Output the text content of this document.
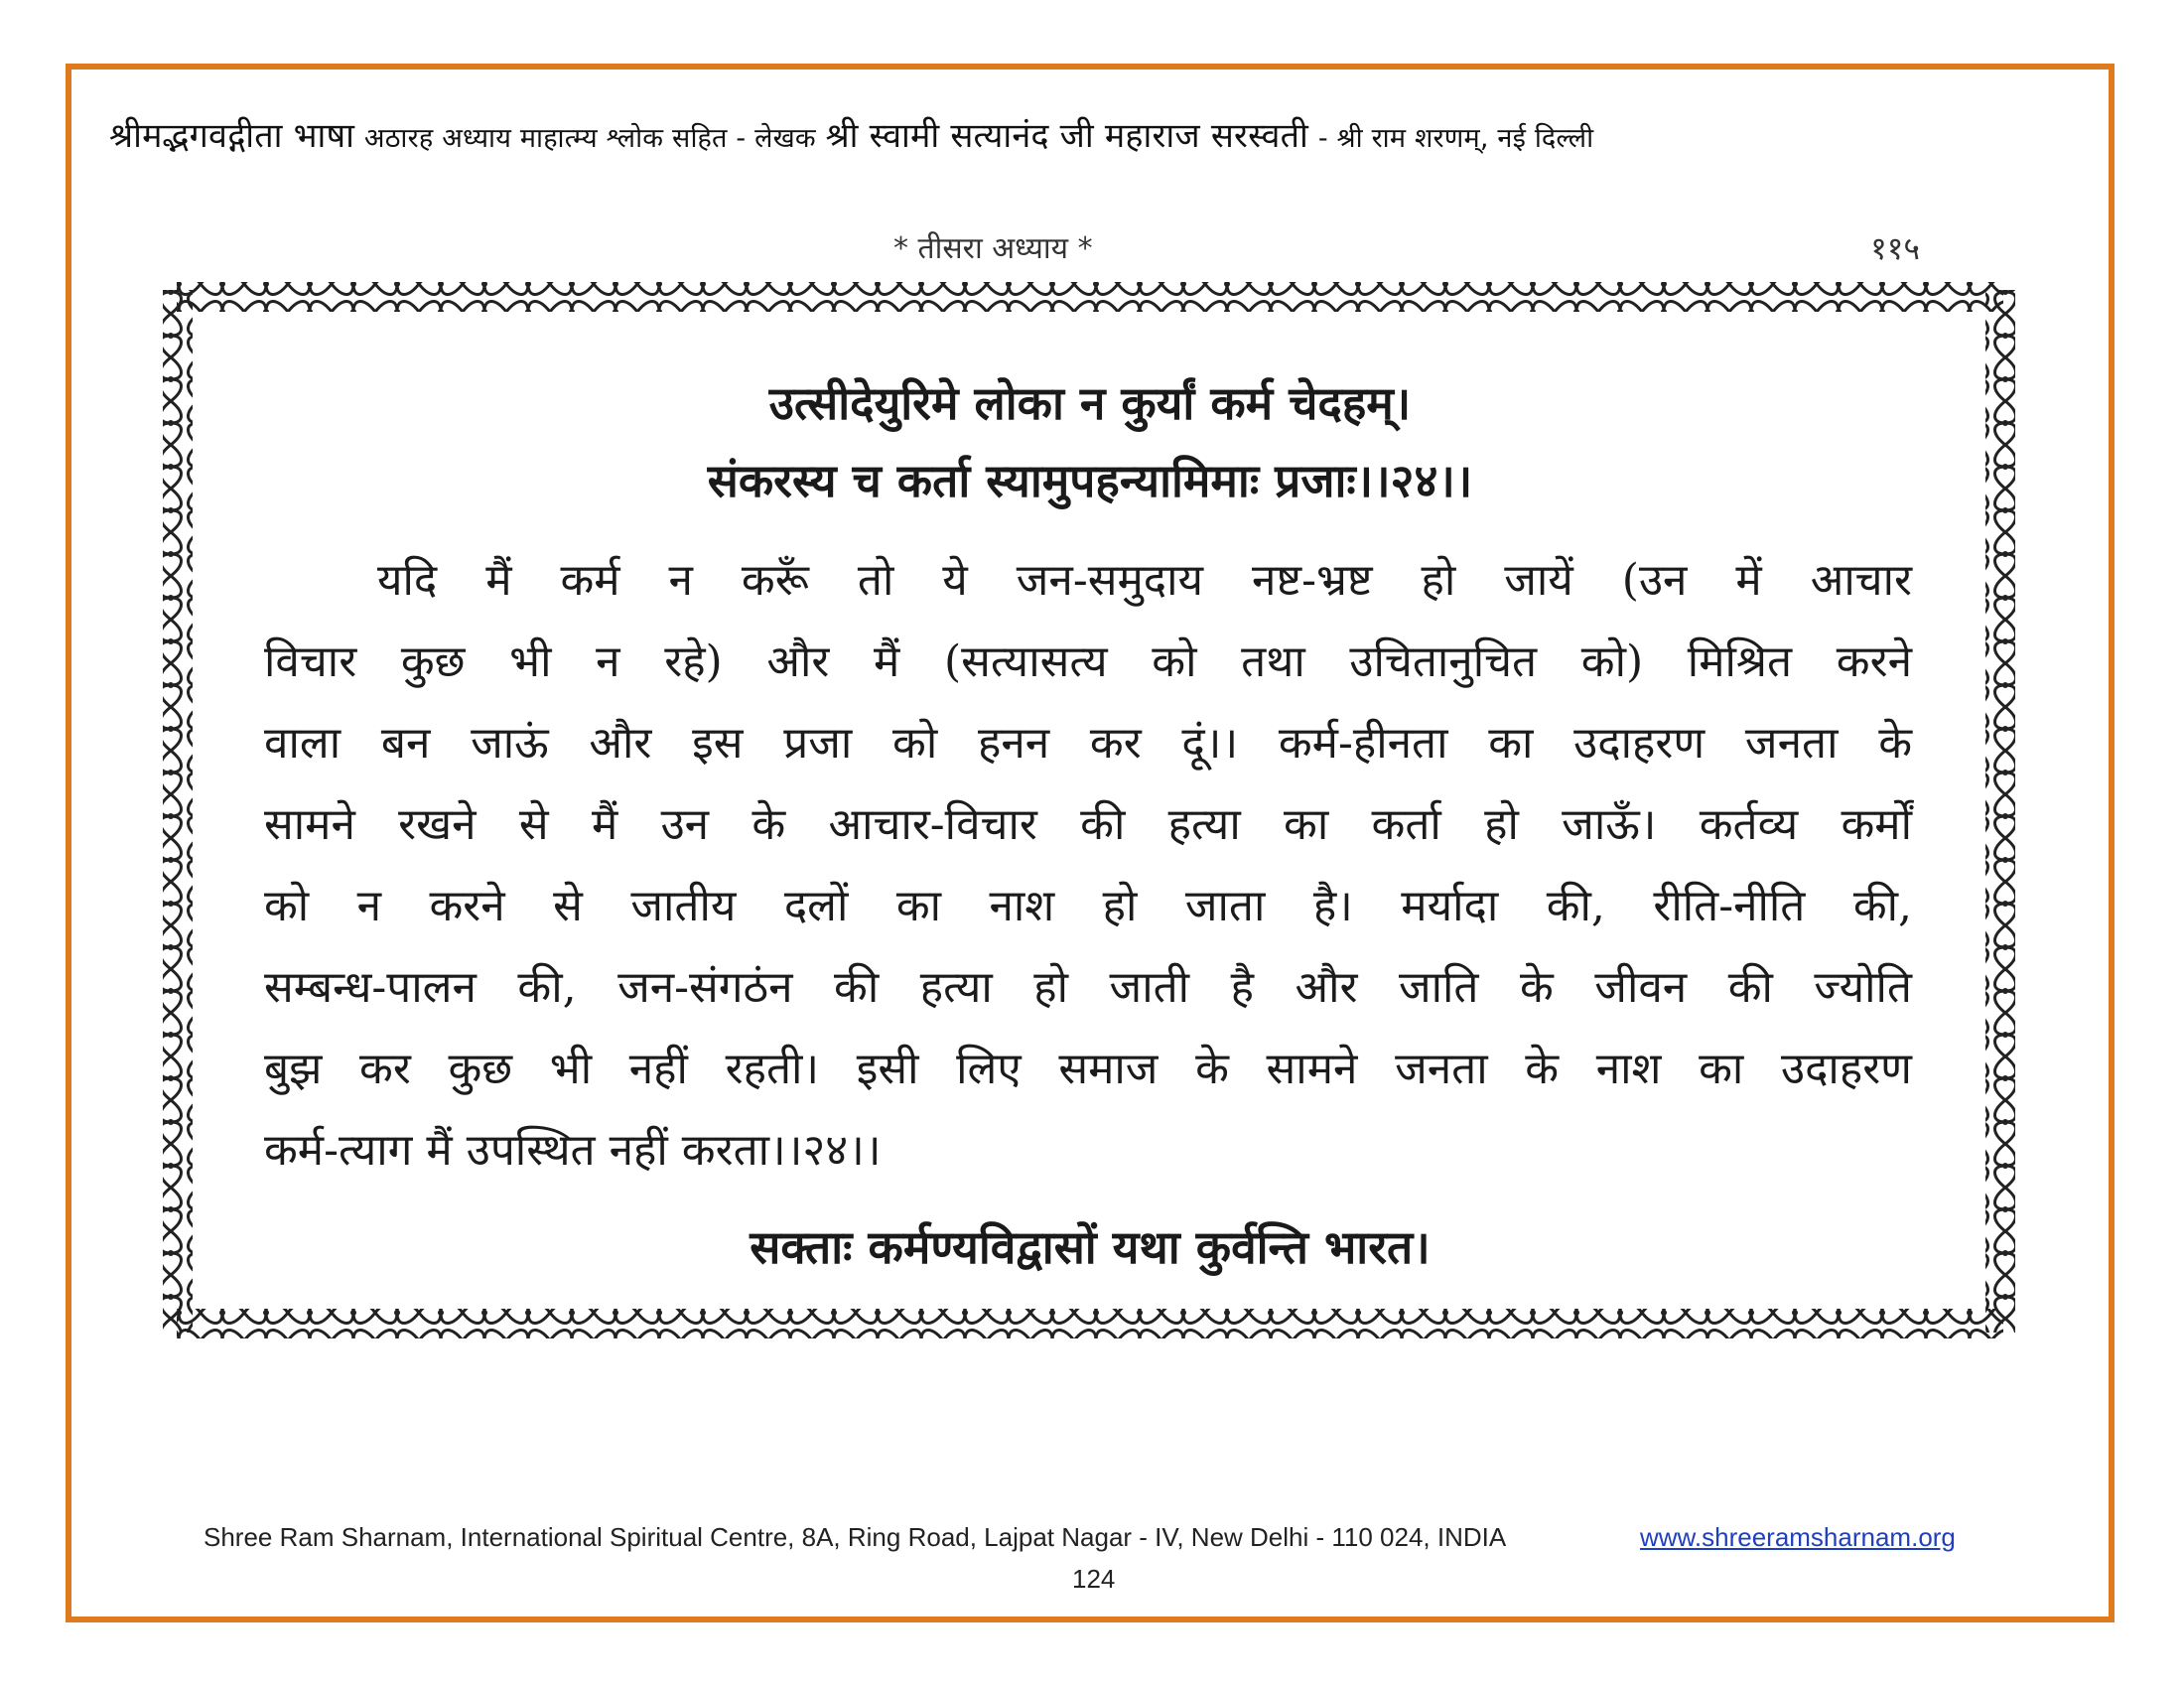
श्रीमद्भगवद्गीता भाषा अठारह अध्याय माहात्म्य श्लोक सहित - लेखक श्री स्वामी सत्यानंद जी महाराज सरस्वती - श्री राम शरणम्, नई दिल्ली
* तीसरा अध्याय *	११५
उत्सीदेयुरिमे लोका न कुर्यां कर्म चेदहम्।
संकरस्य च कर्ता स्यामुपहन्यामिमाः प्रजाः।।२४।।
यदि मैं कर्म न करूँ तो ये जन-समुदाय नष्ट-भ्रष्ट हो जायें (उन में आचार
विचार कुछ भी न रहे) और मैं (सत्यासत्य को तथा उचितानुचित को) मिश्रित करने
वाला बन जाऊं और इस प्रजा को हनन कर दूं।। कर्म-हीनता का उदाहरण जनता के
सामने रखने से मैं उन के आचार-विचार की हत्या का कर्ता हो जाऊँ। कर्तव्य कर्मों
को न करने से जातीय दलों का नाश हो जाता है। मर्यादा की, रीति-नीति की,
सम्बन्ध-पालन की, जन-संगठंन की हत्या हो जाती है और जाति के जीवन की ज्योति
बुझ कर कुछ भी नहीं रहती। इसी लिए समाज के सामने जनता के नाश का उदाहरण
कर्म-त्याग मैं उपस्थित नहीं करता।।२४।।
सक्ताः कर्मण्यविद्वासों यथा कुर्वन्ति भारत।
Shree Ram Sharnam, International Spiritual Centre, 8A, Ring Road, Lajpat Nagar - IV, New Delhi - 110 024, INDIA	www.shreeramsharnam.org
124
